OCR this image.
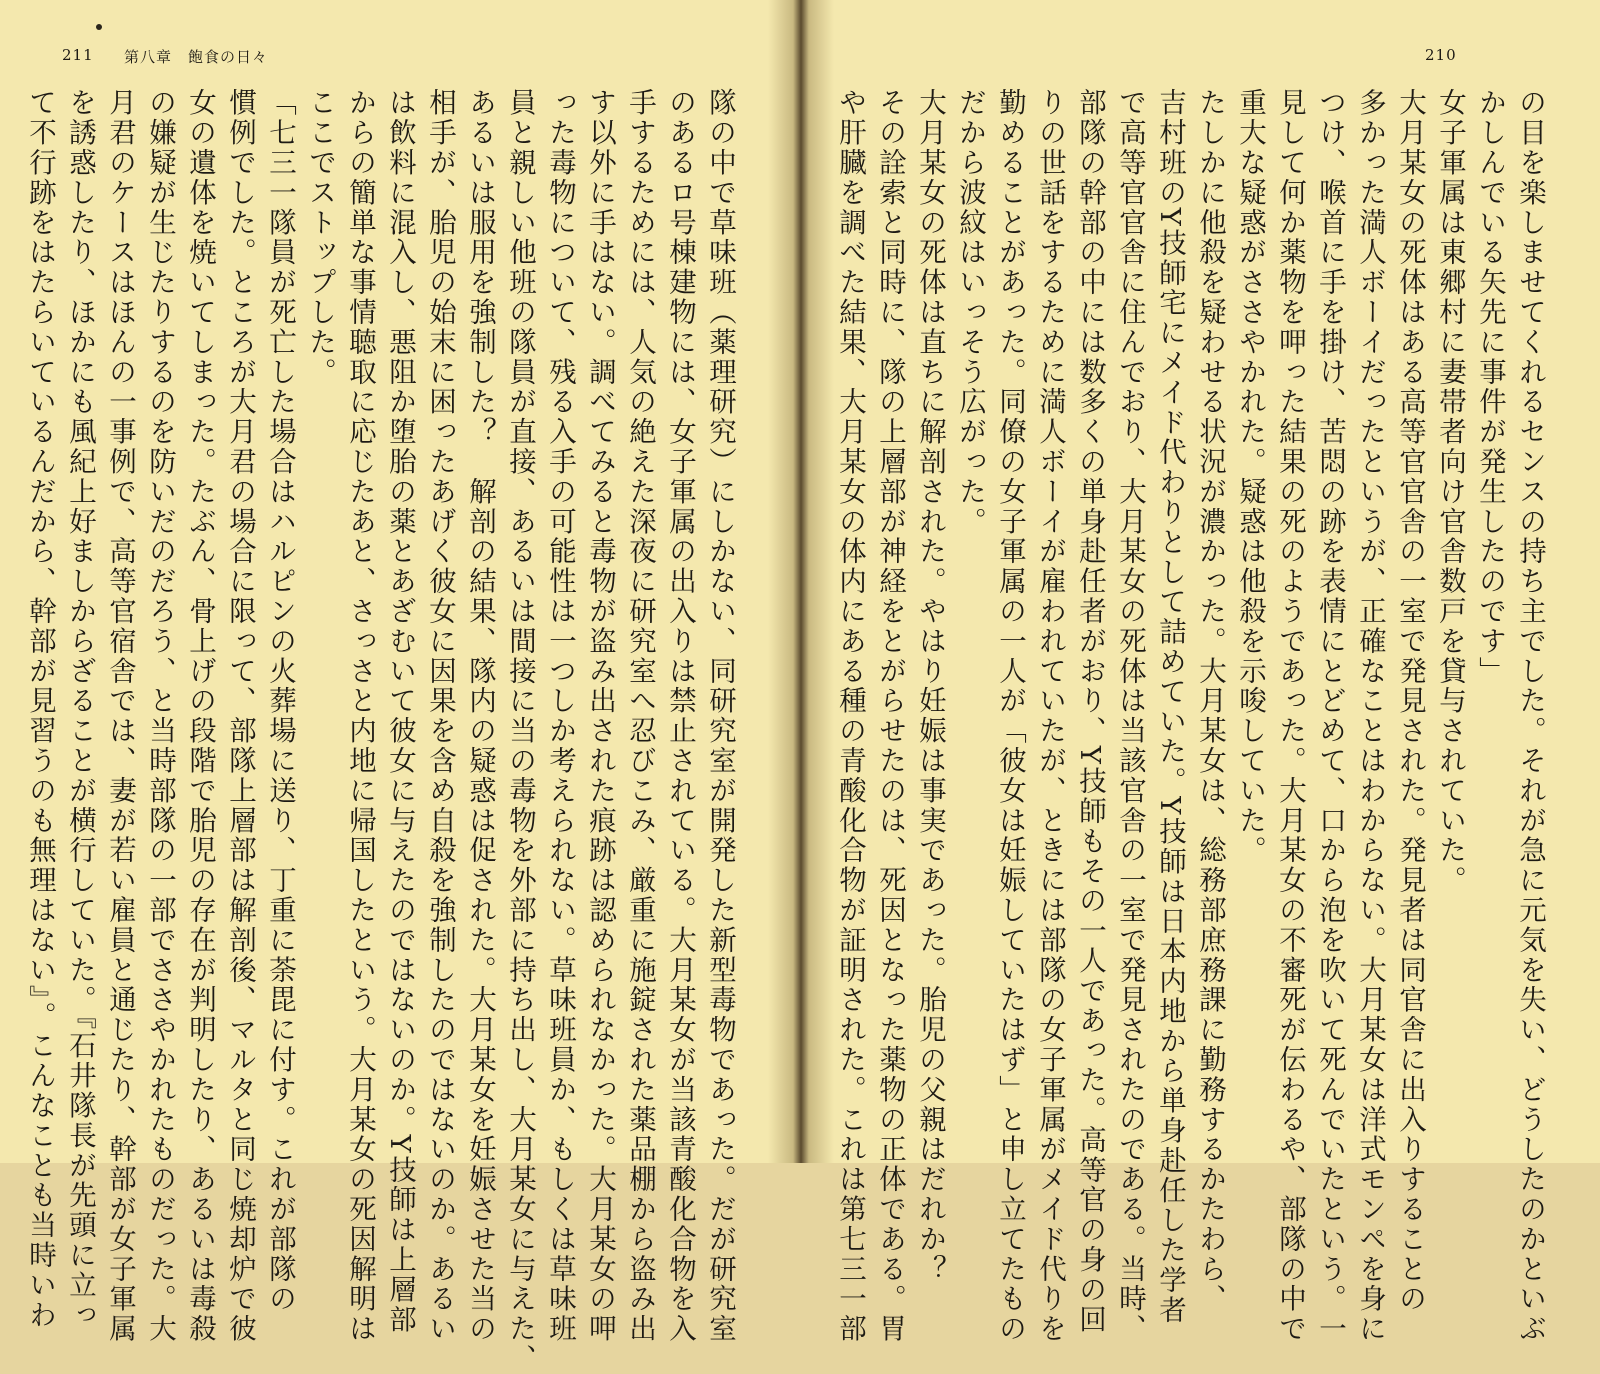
211 第八章　飽食の日々	210
の目を楽しませてくれるセンスの持ち主でした。それが急に元気を失い、どうしたのかといぶ
かしんでいる矢先に事件が発生したのです」
女子軍属は東郷村に妻帯者向け官舎数戸を貸与されていた。
大月某女の死体はある高等官官舎の一室で発見された。発見者は同官舎に出入りすることの
多かった満人ボーイだったというが、正確なことはわからない。大月某女は洋式モンペを身に
つけ、喉首に手を掛け、苦悶の跡を表情にとどめて、口から泡を吹いて死んでいたという。一
見して何か薬物を呷った結果の死のようであった。大月某女の不審死が伝わるや、部隊の中で
重大な疑惑がささやかれた。疑惑は他殺を示唆していた。
たしかに他殺を疑わせる状況が濃かった。大月某女は、総務部庶務課に勤務するかたわら、
吉村班のY技師宅にメイド代わりとして詰めていた。Y技師は日本内地から単身赴任した学者
で高等官官舎に住んでおり、大月某女の死体は当該官舎の一室で発見されたのである。当時、
部隊の幹部の中には数多くの単身赴任者がおり、Y技師もその一人であった。高等官の身の回
りの世話をするために満人ボーイが雇われていたが、ときには部隊の女子軍属がメイド代りを
勤めることがあった。同僚の女子軍属の一人が「彼女は妊娠していたはず」と申し立てたもの
だから波紋はいっそう広がった。
大月某女の死体は直ちに解剖された。やはり妊娠は事実であった。胎児の父親はだれか？
その詮索と同時に、隊の上層部が神経をとがらせたのは、死因となった薬物の正体である。胃
や肝臓を調べた結果、大月某女の体内にある種の青酸化合物が証明された。これは第七三一部
隊の中で草味班（薬理研究）にしかない、同研究室が開発した新型毒物であった。だが研究室
のあるロ号棟建物には、女子軍属の出入りは禁止されている。大月某女が当該青酸化合物を入
手するためには、人気の絶えた深夜に研究室へ忍びこみ、厳重に施錠された薬品棚から盗み出
す以外に手はない。調べてみると毒物が盗み出された痕跡は認められなかった。大月某女の呷
った毒物について、残る入手の可能性は一つしか考えられない。草味班員か、もしくは草味班
員と親しい他班の隊員が直接、あるいは間接に当の毒物を外部に持ち出し、大月某女に与えた、
あるいは服用を強制した？　解剖の結果、隊内の疑惑は促された。大月某女を妊娠させた当の
相手が、胎児の始末に困ったあげく彼女に因果を含め自殺を強制したのではないのか。あるい
は飲料に混入し、悪阻か堕胎の薬とあざむいて彼女に与えたのではないのか。Y技師は上層部
からの簡単な事情聴取に応じたあと、さっさと内地に帰国したという。大月某女の死因解明は
ここでストップした。
「七三一隊員が死亡した場合はハルピンの火葬場に送り、丁重に荼毘に付す。これが部隊の
慣例でした。ところが大月君の場合に限って、部隊上層部は解剖後、マルタと同じ焼却炉で彼
女の遺体を焼いてしまった。たぶん、骨上げの段階で胎児の存在が判明したり、あるいは毒殺
の嫌疑が生じたりするのを防いだのだろう、と当時部隊の一部でささやかれたものだった。大
月君のケースはほんの一事例で、高等官宿舎では、妻が若い雇員と通じたり、幹部が女子軍属
を誘惑したり、ほかにも風紀上好ましからざることが横行していた。『石井隊長が先頭に立っ
て不行跡をはたらいているんだから、幹部が見習うのも無理はない』。こんなことも当時いわ
